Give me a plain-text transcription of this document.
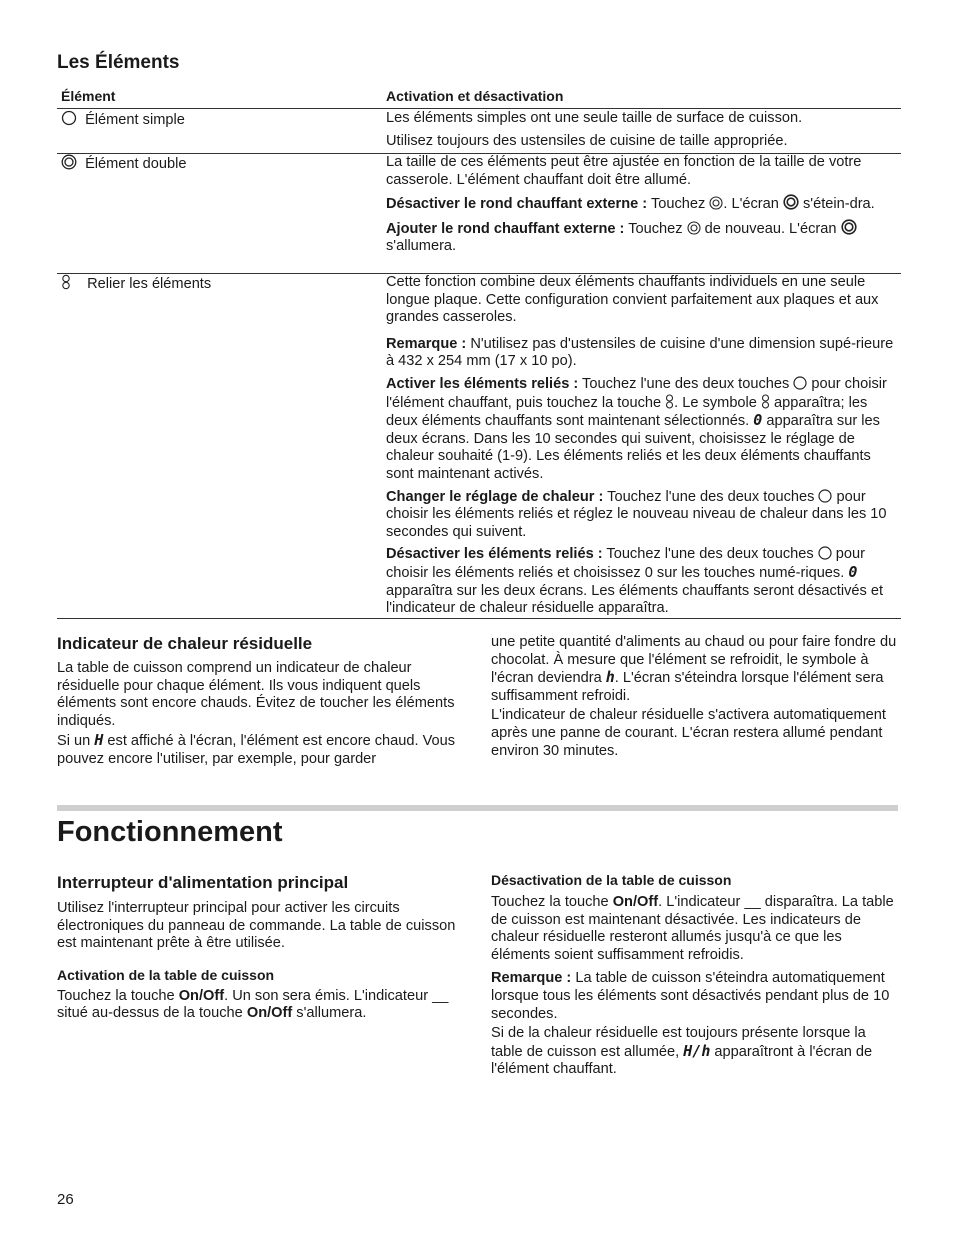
Les Éléments
Élément	Activation et désactivation
Élément simple	Les éléments simples ont une seule taille de surface de cuisson.

Utilisez toujours des ustensiles de cuisine de taille appropriée.

Élément double	La taille de ces éléments peut être ajustée en fonction de la taille de votre casserole. L'élément chauffant doit être allumé.

Désactiver le rond chauffant externe : Touchez . L'écran  s'étein-dra.

Ajouter le rond chauffant externe : Touchez  de nouveau. L'écran  s'allumera.

Relier les éléments	Cette fonction combine deux éléments chauffants individuels en une seule longue plaque. Cette configuration convient parfaitement aux plaques et aux grandes casseroles.

Remarque : N'utilisez pas d'ustensiles de cuisine d'une dimension supé-rieure à 432 x 254 mm (17 x 10 po).

Activer les éléments reliés : Touchez l'une des deux touches  pour choisir l'élément chauffant, puis touchez la touche . Le symbole  apparaîtra; les deux éléments chauffants sont maintenant sélectionnés. 0 apparaîtra sur les deux écrans. Dans les 10 secondes qui suivent, choisissez le réglage de chaleur souhaité (1-9). Les éléments reliés et les deux éléments chauffants sont maintenant activés.

Changer le réglage de chaleur : Touchez l'une des deux touches  pour choisir les éléments reliés et réglez le nouveau niveau de chaleur dans les 10 secondes qui suivent.

Désactiver les éléments reliés : Touchez l'une des deux touches  pour choisir les éléments reliés et choisissez 0 sur les touches numé-riques. 0 apparaîtra sur les deux écrans. Les éléments chauffants seront désactivés et l'indicateur de chaleur résiduelle apparaîtra.

Indicateur de chaleur résiduelle

La table de cuisson comprend un indicateur de chaleur résiduelle pour chaque élément. Ils vous indiquent quels éléments sont encore chauds. Évitez de toucher les éléments indiqués.

Si un H est affiché à l'écran, l'élément est encore chaud. Vous pouvez encore l'utiliser, par exemple, pour garder

une petite quantité d'aliments au chaud ou pour faire fondre du chocolat. À mesure que l'élément se refroidit, le symbole à l'écran deviendra h. L'écran s'éteindra lorsque l'élément sera suffisamment refroidi.

L'indicateur de chaleur résiduelle s'activera automatiquement après une panne de courant. L'écran restera allumé pendant environ 30 minutes.

Fonctionnement
Interrupteur d'alimentation principal

Utilisez l'interrupteur principal pour activer les circuits électroniques du panneau de commande. La table de cuisson est maintenant prête à être utilisée.

Activation de la table de cuisson

Touchez la touche On/Off. Un son sera émis. L'indicateur __ situé au-dessus de la touche On/Off s'allumera.

Désactivation de la table de cuisson

Touchez la touche On/Off. L'indicateur __ disparaîtra. La table de cuisson est maintenant désactivée. Les indicateurs de chaleur résiduelle resteront allumés jusqu'à ce que les éléments soient suffisamment refroidis.

Remarque : La table de cuisson s'éteindra automatiquement lorsque tous les éléments sont désactivés pendant plus de 10 secondes.

Si de la chaleur résiduelle est toujours présente lorsque la table de cuisson est allumée, H/h apparaîtront à l'écran de l'élément chauffant.

26
